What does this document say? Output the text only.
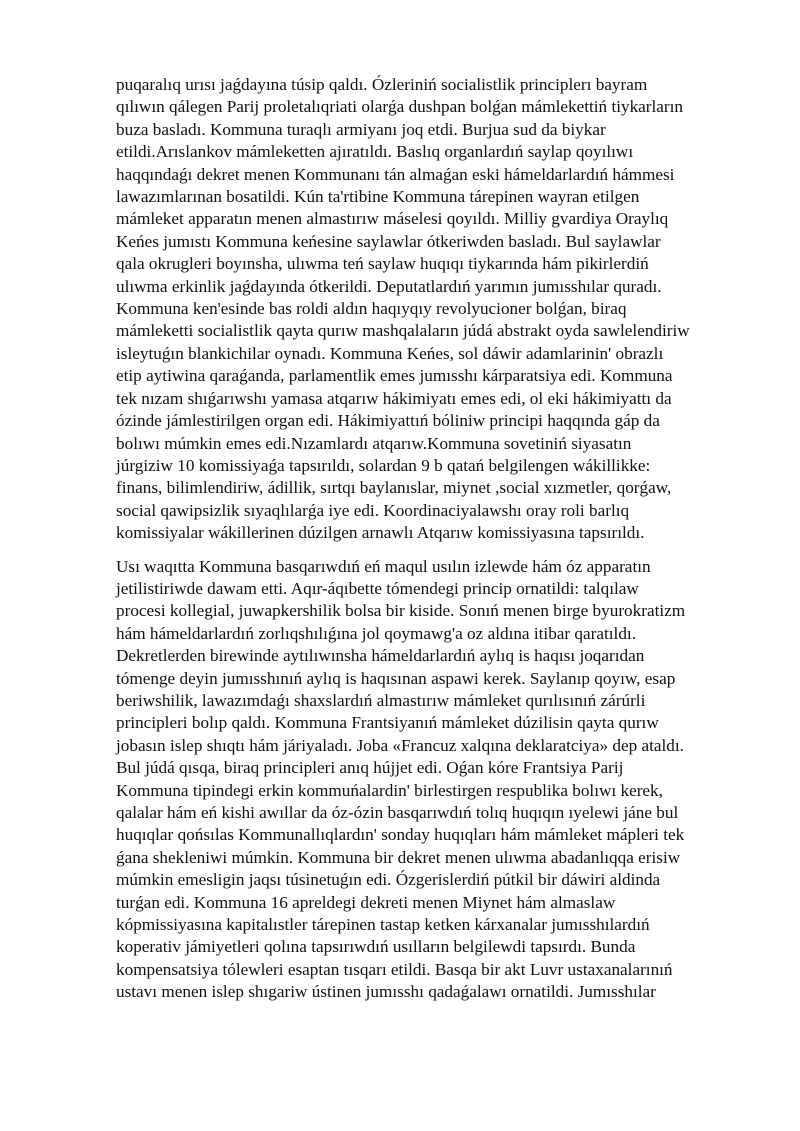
puqaralıq urısı jaǵdayına túsip qaldı. Ózleriniń socialistlik principlerı bayram
qılıwın qálegen Parij proletalıqriati olarǵa dushpan bolǵan mámlekettiń tiykarların
buza basladı. Kommuna turaqlı armiyanı joq etdi. Burjua sud da biykar
etildi.Arıslankov mámleketten ajıratıldı. Baslıq organlardıń saylap qoyılıwı
haqqındaǵı dekret menen Kommunanı tán almaǵan eski hámeldarlardıń hámmesi
lawazımlarınan bosatildi. Kún ta'rtibine Kommuna tárepinen wayran etilgen
mámleket apparatın menen almastırıw máselesi qoyıldı. Milliy gvardiya Oraylıq
Keńes jumıstı Kommuna keńesine saylawlar ótkeriwden basladı. Bul saylawlar
qala okrugleri boyınsha, ulıwma teń saylaw huqıqı tiykarında hám pikirlerdiń
ulıwma erkinlik jaǵdayında ótkerildi. Deputatlardıń yarımın jumısshılar quradı.
Kommuna ken'esinde bas roldi aldın haqıyqıy revolyucioner bolǵan, biraq
mámleketti socialistlik qayta qurıw mashqalaların júdá abstrakt oyda sawlelendiriw
isleytuǵın blankichilar oynadı. Kommuna Keńes, sol dáwir adamlarinin' obrazlı
etip aytiwina qaraǵanda, parlamentlik emes jumısshı kárparatsiya edi. Kommuna
tek nızam shıǵarıwshı yamasa atqarıw hákimiyatı emes edi, ol eki hákimiyattı da
ózinde jámlestirilgen organ edi. Hákimiyattıń bóliniw principi haqqında gáp da
bolıwı múmkin emes edi.Nızamlardı atqarıw.Kommuna sovetiniń siyasatın
júrgiziw 10 komissiyaǵa tapsırıldı, solardan 9 b qatań belgilengen wákillikke:
finans, bilimlendiriw, ádillik, sırtqı baylanıslar, miynet ,social xızmetler, qorǵaw,
social qawipsizlik sıyaqlılarǵa iye edi. Koordinaciyalawshı oray roli barlıq
komissiyalar wákillerinen dúzilgen arnawlı Atqarıw komissiyasına tapsırıldı.

Usı waqıtta Kommuna basqarıwdıń eń maqul usılın izlewde hám óz apparatın
jetilistiriwde dawam etti. Aqır-áqıbette tómendegi princip ornatildi: talqılaw
procesi kollegial, juwapkershilik bolsa bir kiside. Sonıń menen birge byurokratizm
hám hámeldarlardıń zorlıqshılıǵına jol qoymawg'a oz aldına itibar qaratıldı.
Dekretlerden birewinde aytılıwınsha hámeldarlardıń aylıq is haqısı joqarıdan
tómenge deyin jumısshınıń aylıq is haqısınan aspawi kerek. Saylanıp qoyıw, esap
beriwshilik, lawazımdaǵı shaxslardıń almastırıw mámleket qurılısınıń zárúrli
principleri bolıp qaldı. Kommuna Frantsiyanıń mámleket dúzilisin qayta qurıw
jobasın islep shıqtı hám járiyaladı. Joba «Francuz xalqına deklaratciya» dep ataldı.
Bul júdá qısqa, biraq principleri anıq hújjet edi. Oǵan kóre Frantsiya Parij
Kommuna tipindegi erkin kommuńalardin' birlestirgen respublika bolıwı kerek,
qalalar hám eń kishi awıllar da óz-ózin basqarıwdıń tolıq huqıqın ıyelewi jáne bul
huqıqlar qońsılas Kommunallıqlardın' sonday huqıqları hám mámleket mápleri tek
ǵana shekleniwi múmkin. Kommuna bir dekret menen ulıwma abadanlıqqa erisiw
múmkin emesligin jaqsı túsinetuǵın edi. Ózgerislerdiń pútkil bir dáwiri aldinda
turǵan edi. Kommuna 16 apreldegi dekreti menen Miynet hám almaslaw
kópmissiyasına kapitalıstler tárepinen tastap ketken kárxanalar jumısshılardıń
koperativ jámiyetleri qolına tapsırıwdıń usılların belgilewdi tapsırdı. Bunda
kompensatsiya tólewleri esaptan tısqarı etildi. Basqa bir akt Luvr ustaxanalarınıń
ustavı menen islep shıgariw ústinen jumısshı qadaǵalawı ornatildi. Jumısshılar
